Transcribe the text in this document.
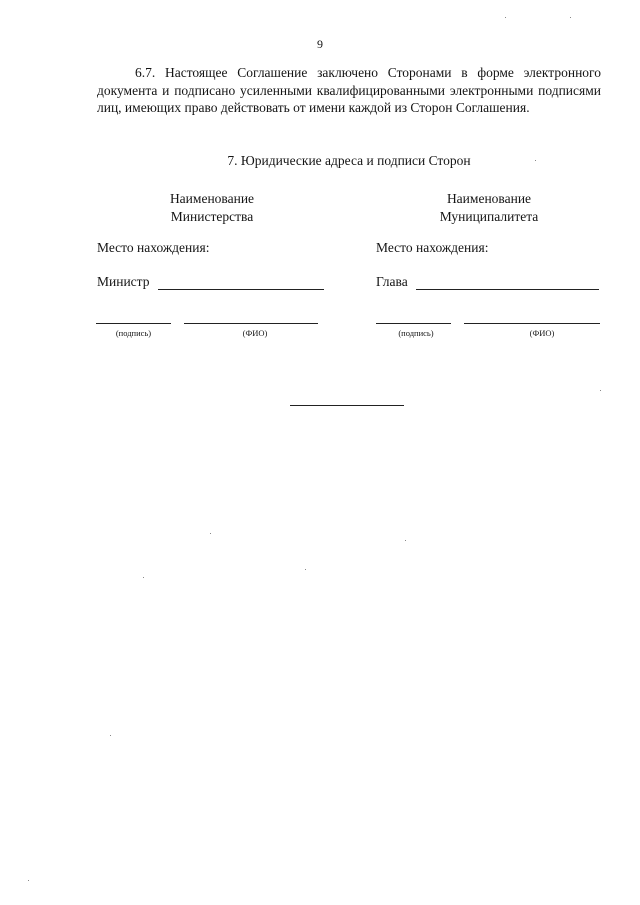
9

6.7. Настоящее Соглашение заключено Сторонами в форме электронного документа и подписано усиленными квалифицированными электронными подписями лиц, имеющих право действовать от имени каждой из Сторон Соглашения.

7. Юридические адреса и подписи Сторон
Наименование
Министерства
Место нахождения:
Министр
(подпись)	(ФИО)
Наименование
Муниципалитета
Место нахождения:
Глава
(подпись)	(ФИО)
